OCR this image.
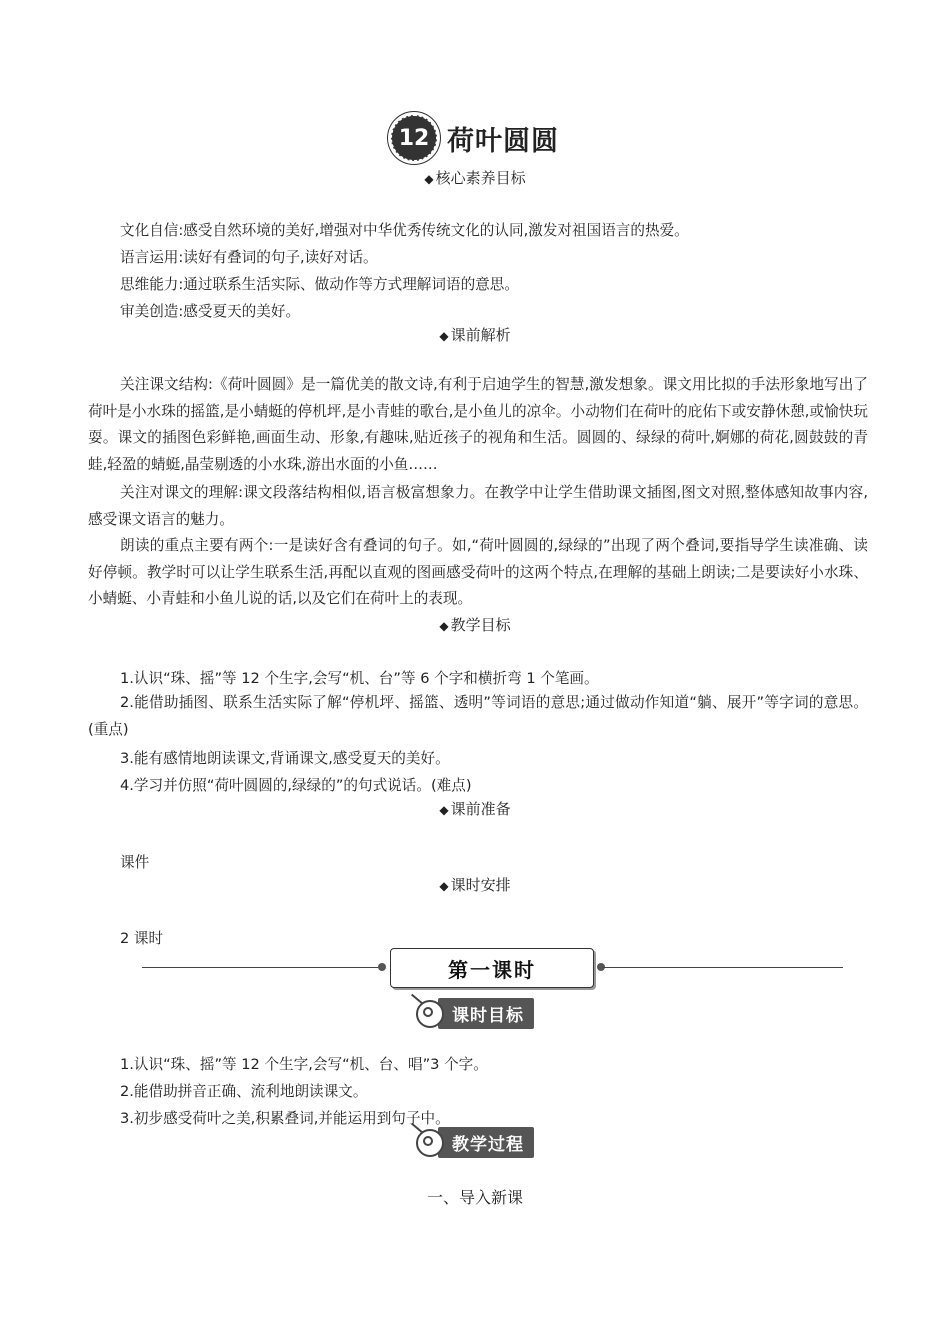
12 荷叶圆圆
◆ 核心素养目标
文化自信:感受自然环境的美好,增强对中华优秀传统文化的认同,激发对祖国语言的热爱。
语言运用:读好有叠词的句子,读好对话。
思维能力:通过联系生活实际、做动作等方式理解词语的意思。
审美创造:感受夏天的美好。
◆ 课前解析
关注课文结构:《荷叶圆圆》是一篇优美的散文诗,有利于启迪学生的智慧,激发想象。课文用比拟的手法形象地写出了荷叶是小水珠的摇篮,是小蜻蜓的停机坪,是小青蛙的歌台,是小鱼儿的凉伞。小动物们在荷叶的庇佑下或安静休憩,或愉快玩耍。课文的插图色彩鲜艳,画面生动、形象,有趣味,贴近孩子的视角和生活。圆圆的、绿绿的荷叶,婀娜的荷花,圆鼓鼓的青蛙,轻盈的蜻蜓,晶莹剔透的小水珠,游出水面的小鱼……
关注对课文的理解:课文段落结构相似,语言极富想象力。在教学中让学生借助课文插图,图文对照,整体感知故事内容,感受课文语言的魅力。
朗读的重点主要有两个:一是读好含有叠词的句子。如,“荷叶圆圆的,绿绿的”出现了两个叠词,要指导学生读准确、读好停顿。教学时可以让学生联系生活,再配以直观的图画感受荷叶的这两个特点,在理解的基础上朗读;二是要读好小水珠、小蜻蜓、小青蛙和小鱼儿说的话,以及它们在荷叶上的表现。
◆ 教学目标
1.认识“珠、摇”等 12 个生字,会写“机、台”等 6 个字和横折弯 1 个笔画。
2.能借助插图、联系生活实际了解“停机坪、摇篮、透明”等词语的意思;通过做动作知道“躺、展开”等字词的意思。(重点)
3.能有感情地朗读课文,背诵课文,感受夏天的美好。
4.学习并仿照“荷叶圆圆的,绿绿的”的句式说话。(难点)
◆ 课前准备
课件
◆ 课时安排
2 课时
第一课时
课时目标
1.认识“珠、摇”等 12 个生字,会写“机、台、唱”3 个字。
2.能借助拼音正确、流利地朗读课文。
3.初步感受荷叶之美,积累叠词,并能运用到句子中。
教学过程
一、导入新课
